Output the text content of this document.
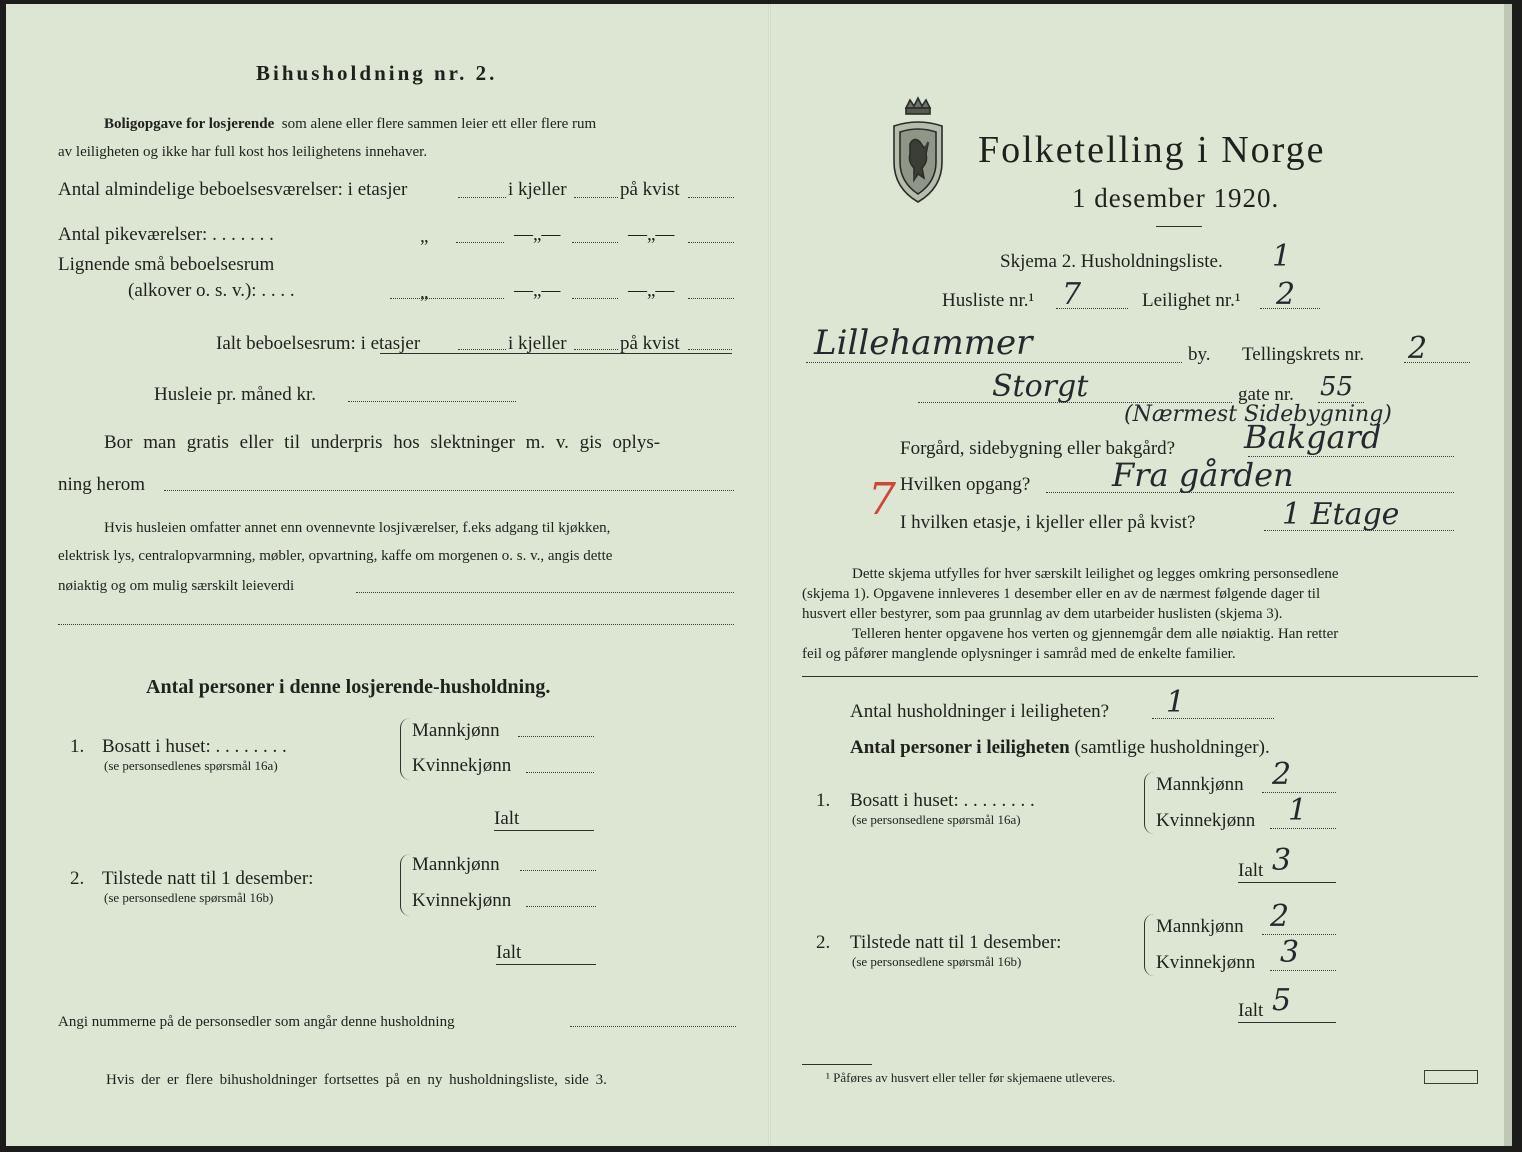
Bihusholdning nr. 2.
Boligopgave for losjerende som alene eller flere sammen leier ett eller flere rum
av leiligheten og ikke har full kost hos leilighetens innehaver.
Antal almindelige beboelsesværelser: i etasjer	i kjeller	på kvist
Antal pikeværelser: . . . . . . .	„	—„—	—„—
Lignende små beboelsesrum
(alkover o. s. v.): . . . .	„	—„—	—„—
Ialt beboelsesrum: i etasjer	i kjeller	på kvist
Husleie pr. måned kr.
Bor man gratis eller til underpris hos slektninger m. v. gis oplys-
ning herom
Hvis husleien omfatter annet enn ovennevnte losjiværelser, f.eks adgang til kjøkken,
elektrisk lys, centralopvarmning, møbler, opvartning, kaffe om morgenen o. s. v., angis dette
nøiaktig og om mulig særskilt leieverdi
Antal personer i denne losjerende-husholdning.
1. Bosatt i huset: . . . . . . . .
(se personsedlenes spørsmål 16a)
Mannkjønn
Kvinnekjønn
Ialt
2. Tilstede natt til 1 desember:
(se personsedlene spørsmål 16b)
Mannkjønn
Kvinnekjønn
Ialt
Angi nummerne på de personsedler som angår denne husholdning
Hvis der er flere bihusholdninger fortsettes på en ny husholdningsliste, side 3.
Folketelling i Norge
1 desember 1920.
Skjema 2. Husholdningsliste. 1
Husliste nr.¹ 7	Leilighet nr.¹ 2
Lillehammer	by. Tellingskrets nr. 2
Storgt	gate nr. 55
(Nærmest Sidebygning)
Forgård, sidebygning eller bakgård? Bakgard
7 Hvilken opgang?	Fra gården
I hvilken etasje, i kjeller eller på kvist?	1 Etage
Dette skjema utfylles for hver særskilt leilighet og legges omkring personsedlene
(skjema 1). Opgavene innleveres 1 desember eller en av de nærmest følgende dager til
husvert eller bestyrer, som paa grunnlag av dem utarbeider huslisten (skjema 3).
Telleren henter opgavene hos verten og gjennemgår dem alle nøiaktig. Han retter
feil og påfører manglende oplysninger i samråd med de enkelte familier.
Antal husholdninger i leiligheten? 1
Antal personer i leiligheten (samtlige husholdninger).
1. Bosatt i huset: . . . . . . . .
(se personsedlene spørsmål 16a)
Mannkjønn 2
Kvinnekjønn 1
Ialt 3
2. Tilstede natt til 1 desember:
(se personsedlene spørsmål 16b)
Mannkjønn 2
Kvinnekjønn 3
Ialt 5
¹ Påføres av husvert eller teller før skjemaene utleveres.
